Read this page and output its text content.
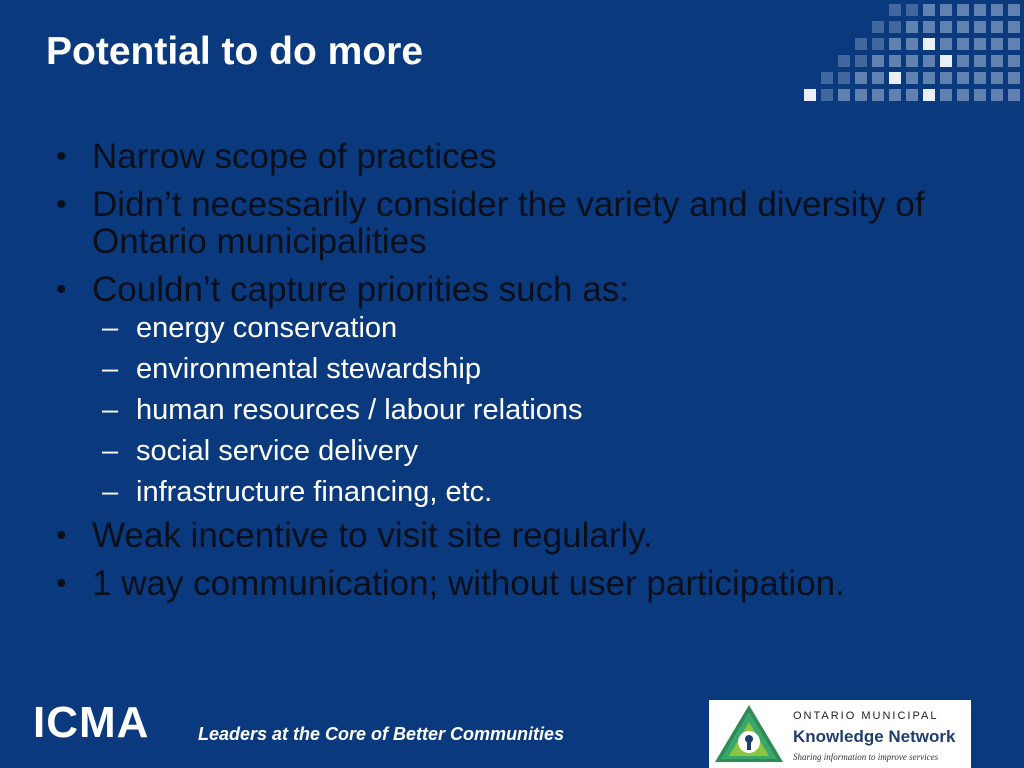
Potential to do more
• Narrow scope of practices
• Didn’t necessarily consider the variety and diversity of Ontario municipalities
• Couldn’t capture priorities such as:
– energy conservation
– environmental stewardship
– human resources / labour relations
– social service delivery
– infrastructure financing, etc.
• Weak incentive to visit site regularly.
• 1 way communication; without user participation.
ICMA	Leaders at the Core of Better Communities
ONTARIO MUNICIPAL
Knowledge Network
Sharing information to improve services
